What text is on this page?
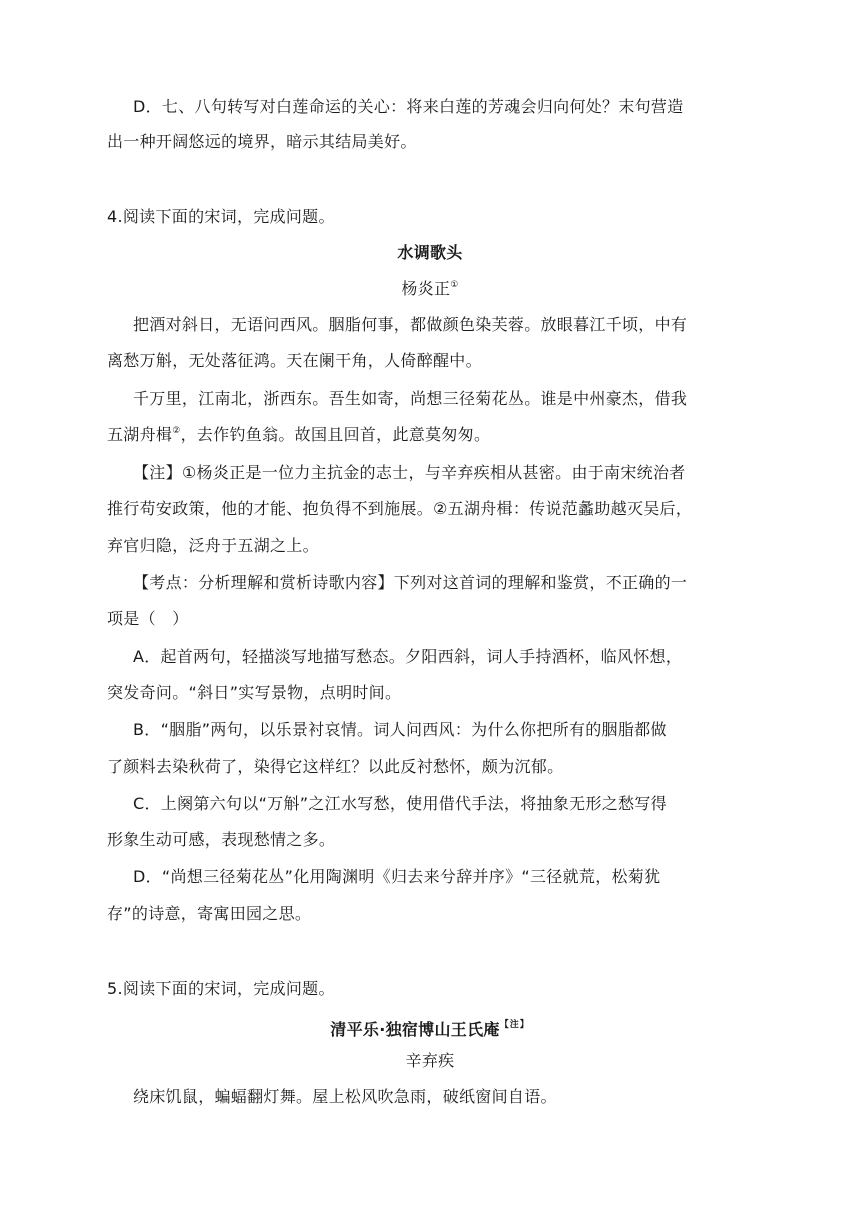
D．七、八句转写对白莲命运的关心：将来白莲的芳魂会归向何处？末句营造
出一种开阔悠远的境界，暗示其结局美好。
4.阅读下面的宋词，完成问题。
水调歌头
杨炎正①
把酒对斜日，无语问西风。胭脂何事，都做颜色染芙蓉。放眼暮江千顷，中有
离愁万斛，无处落征鸿。天在阑干角，人倚醉醒中。
千万里，江南北，浙西东。吾生如寄，尚想三径菊花丛。谁是中州豪杰，借我
五湖舟楫②，去作钓鱼翁。故国且回首，此意莫匆匆。
【注】①杨炎正是一位力主抗金的志士，与辛弃疾相从甚密。由于南宋统治者
推行苟安政策，他的才能、抱负得不到施展。②五湖舟楫：传说范蠡助越灭吴后，
弃官归隐，泛舟于五湖之上。
【考点：分析理解和赏析诗歌内容】下列对这首词的理解和鉴赏，不正确的一
项是（　）
A．起首两句，轻描淡写地描写愁态。夕阳西斜，词人手持酒杯，临风怀想，
突发奇问。“斜日”实写景物，点明时间。
B．“胭脂”两句，以乐景衬哀情。词人问西风：为什么你把所有的胭脂都做
了颜料去染秋荷了，染得它这样红？以此反衬愁怀，颇为沉郁。
C．上阕第六句以“万斛”之江水写愁，使用借代手法，将抽象无形之愁写得
形象生动可感，表现愁情之多。
D．“尚想三径菊花丛”化用陶渊明《归去来兮辞并序》“三径就荒，松菊犹
存”的诗意，寄寓田园之思。
5.阅读下面的宋词，完成问题。
清平乐·独宿博山王氏庵$^{【注】}$
辛弃疾
绕床饥鼠，蝙蝠翻灯舞。屋上松风吹急雨，破纸窗间自语。
